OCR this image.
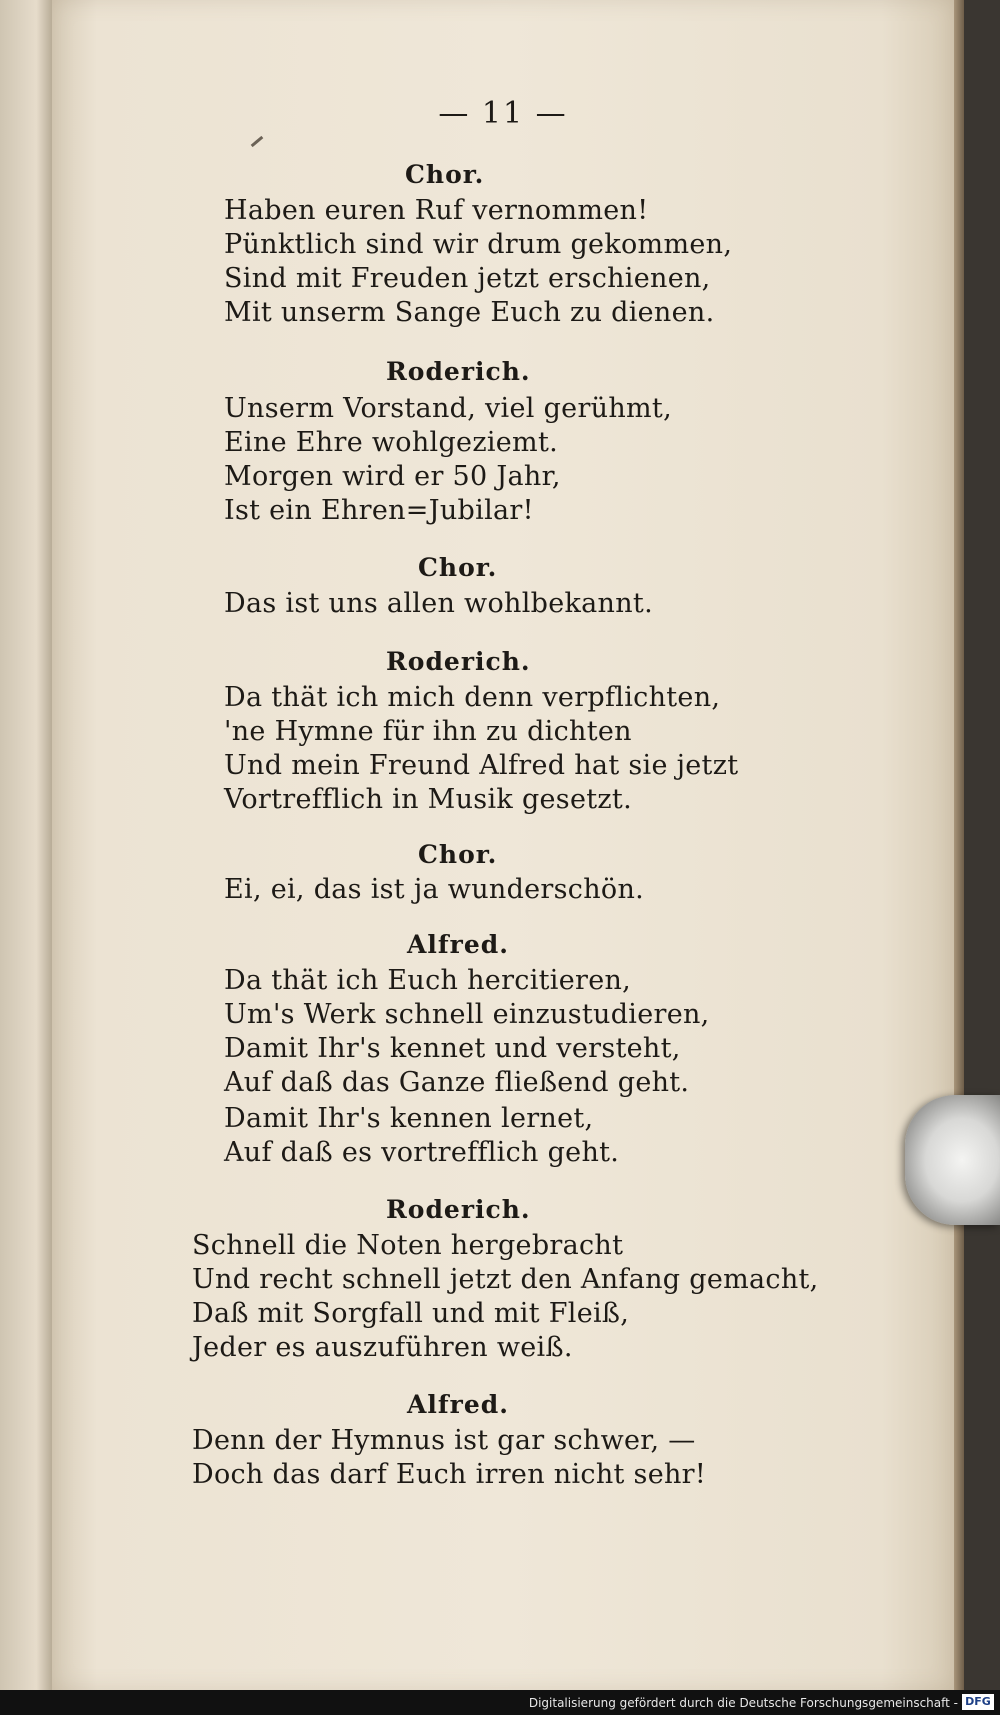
— 11 —
Chor.
Haben euren Ruf vernommen!
Pünktlich sind wir drum gekommen,
Sind mit Freuden jetzt erschienen,
Mit unserm Sange Euch zu dienen.
Roderich.
Unserm Vorstand, viel gerühmt,
Eine Ehre wohlgeziemt.
Morgen wird er 50 Jahr,
Ist ein Ehren=Jubilar!
Chor.
Das ist uns allen wohlbekannt.
Roderich.
Da thät ich mich denn verpflichten,
'ne Hymne für ihn zu dichten
Und mein Freund Alfred hat sie jetzt
Vortrefflich in Musik gesetzt.
Chor.
Ei, ei, das ist ja wunderschön.
Alfred.
Da thät ich Euch hercitieren,
Um's Werk schnell einzustudieren,
Damit Ihr's kennet und versteht,
Auf daß das Ganze fließend geht.
Damit Ihr's kennen lernet,
Auf daß es vortrefflich geht.
Roderich.
Schnell die Noten hergebracht
Und recht schnell jetzt den Anfang gemacht,
Daß mit Sorgfall und mit Fleiß,
Jeder es auszuführen weiß.
Alfred.
Denn der Hymnus ist gar schwer, —
Doch das darf Euch irren nicht sehr!
Digitalisierung gefördert durch die Deutsche Forschungsgemeinschaft - DFG
